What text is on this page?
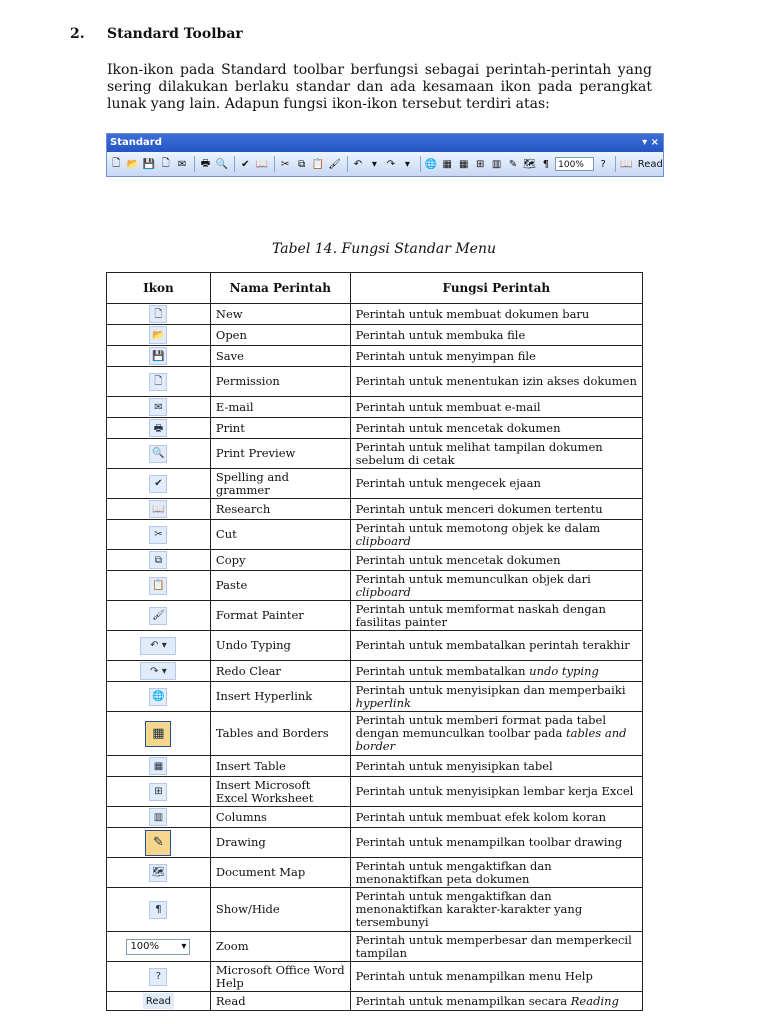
2. Standard Toolbar
Ikon-ikon pada Standard toolbar berfungsi sebagai perintah-perintah yang sering dilakukan berlaku standar dan ada kesamaan ikon pada perangkat lunak yang lain. Adapun fungsi ikon-ikon tersebut terdiri atas:
Standard	▾ ×
🗋 📂 💾 🗋 ✉	🖶 🔍	✔ 📖	✂ ⧉ 📋 🖌	↶ ▾ ↷ ▾	🌐 ▦ ▦ ⊞ ▥ ✎ 🗺 ¶	100%	?	📖 Read
Tabel 14. Fungsi Standar Menu
Ikon	Nama Perintah	Fungsi Perintah
🗋	New	Perintah untuk membuat dokumen baru
📂	Open	Perintah untuk membuka file
💾	Save	Perintah untuk menyimpan file
🗋	Permission	Perintah untuk menentukan izin akses dokumen
✉	E-mail	Perintah untuk membuat e-mail
🖶	Print	Perintah untuk mencetak dokumen
🔍	Print Preview	Perintah untuk melihat tampilan dokumen sebelum di cetak
✔	Spelling and grammer	Perintah untuk mengecek ejaan
📖	Research	Perintah untuk menceri dokumen tertentu
✂	Cut	Perintah untuk memotong objek ke dalam clipboard
⧉	Copy	Perintah untuk mencetak dokumen
📋	Paste	Perintah untuk memunculkan objek dari clipboard
🖌	Format Painter	Perintah untuk memformat naskah dengan fasilitas painter
↶ ▾	Undo Typing	Perintah untuk membatalkan perintah terakhir
↷ ▾	Redo Clear	Perintah untuk membatalkan undo typing
🌐	Insert Hyperlink	Perintah untuk menyisipkan dan memperbaiki hyperlink
▦	Tables and Borders	Perintah untuk memberi format pada tabel dengan memunculkan toolbar pada tables and border
▦	Insert Table	Perintah untuk menyisipkan tabel
⊞	Insert Microsoft Excel Worksheet	Perintah untuk menyisipkan lembar kerja Excel
▥	Columns	Perintah untuk membuat efek kolom koran
✎	Drawing	Perintah untuk menampilkan toolbar drawing
🗺	Document Map	Perintah untuk mengaktifkan dan menonaktifkan peta dokumen
¶	Show/Hide	Perintah untuk mengaktifkan dan menonaktifkan karakter-karakter yang tersembunyi
100% ▾	Zoom	Perintah untuk memperbesar dan memperkecil tampilan
?	Microsoft Office Word Help	Perintah untuk menampilkan menu Help
Read	Read	Perintah untuk menampilkan secara Reading
